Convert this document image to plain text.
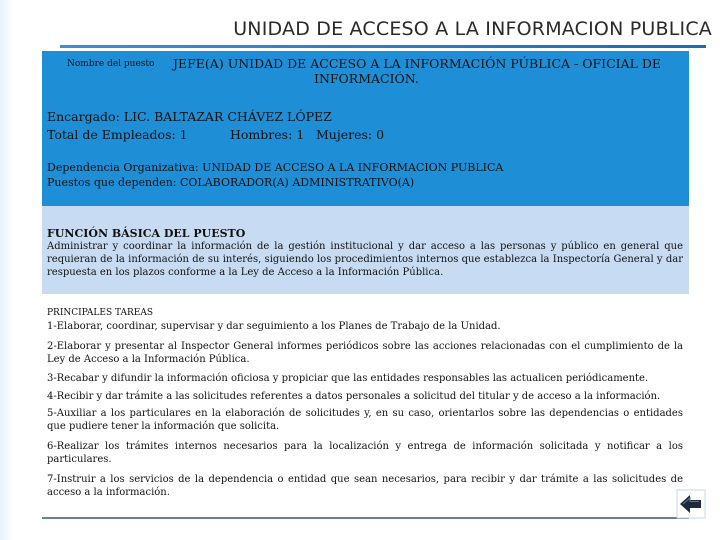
UNIDAD DE ACCESO A LA INFORMACION PUBLICA
Nombre del puesto JEFE(A) UNIDAD DE ACCESO A LA INFORMACIÓN PÚBLICA - OFICIAL DE
INFORMACIÓN.
Encargado: LIC. BALTAZAR CHÁVEZ LÓPEZ
Total de Empleados: 1	Hombres: 1 Mujeres: 0
Dependencia Organizativa: UNIDAD DE ACCESO A LA INFORMACION PUBLICA
Puestos que dependen: COLABORADOR(A) ADMINISTRATIVO(A)
FUNCIÓN BÁSICA DEL PUESTO
Administrar y coordinar la información de la gestión institucional y dar acceso a las personas y público en general que requieran de la información de su interés, siguiendo los procedimientos internos que establezca la Inspectoría General y dar respuesta en los plazos conforme a la Ley de Acceso a la Información Pública.
PRINCIPALES TAREAS
1-Elaborar, coordinar, supervisar y dar seguimiento a los Planes de Trabajo de la Unidad.
2-Elaborar y presentar al Inspector General informes periódicos sobre las acciones relacionadas con el cumplimiento de la Ley de Acceso a la Información Pública.
3-Recabar y difundir la información oficiosa y propiciar que las entidades responsables las actualicen periódicamente.
4-Recibir y dar trámite a las solicitudes referentes a datos personales a solicitud del titular y de acceso a la información.
5-Auxiliar a los particulares en la elaboración de solicitudes y, en su caso, orientarlos sobre las dependencias o entidades que pudiere tener la información que solicita.
6-Realizar los trámites internos necesarios para la localización y entrega de información solicitada y notificar a los particulares.
7-Instruir a los servicios de la dependencia o entidad que sean necesarios, para recibir y dar trámite a las solicitudes de acceso a la información.
